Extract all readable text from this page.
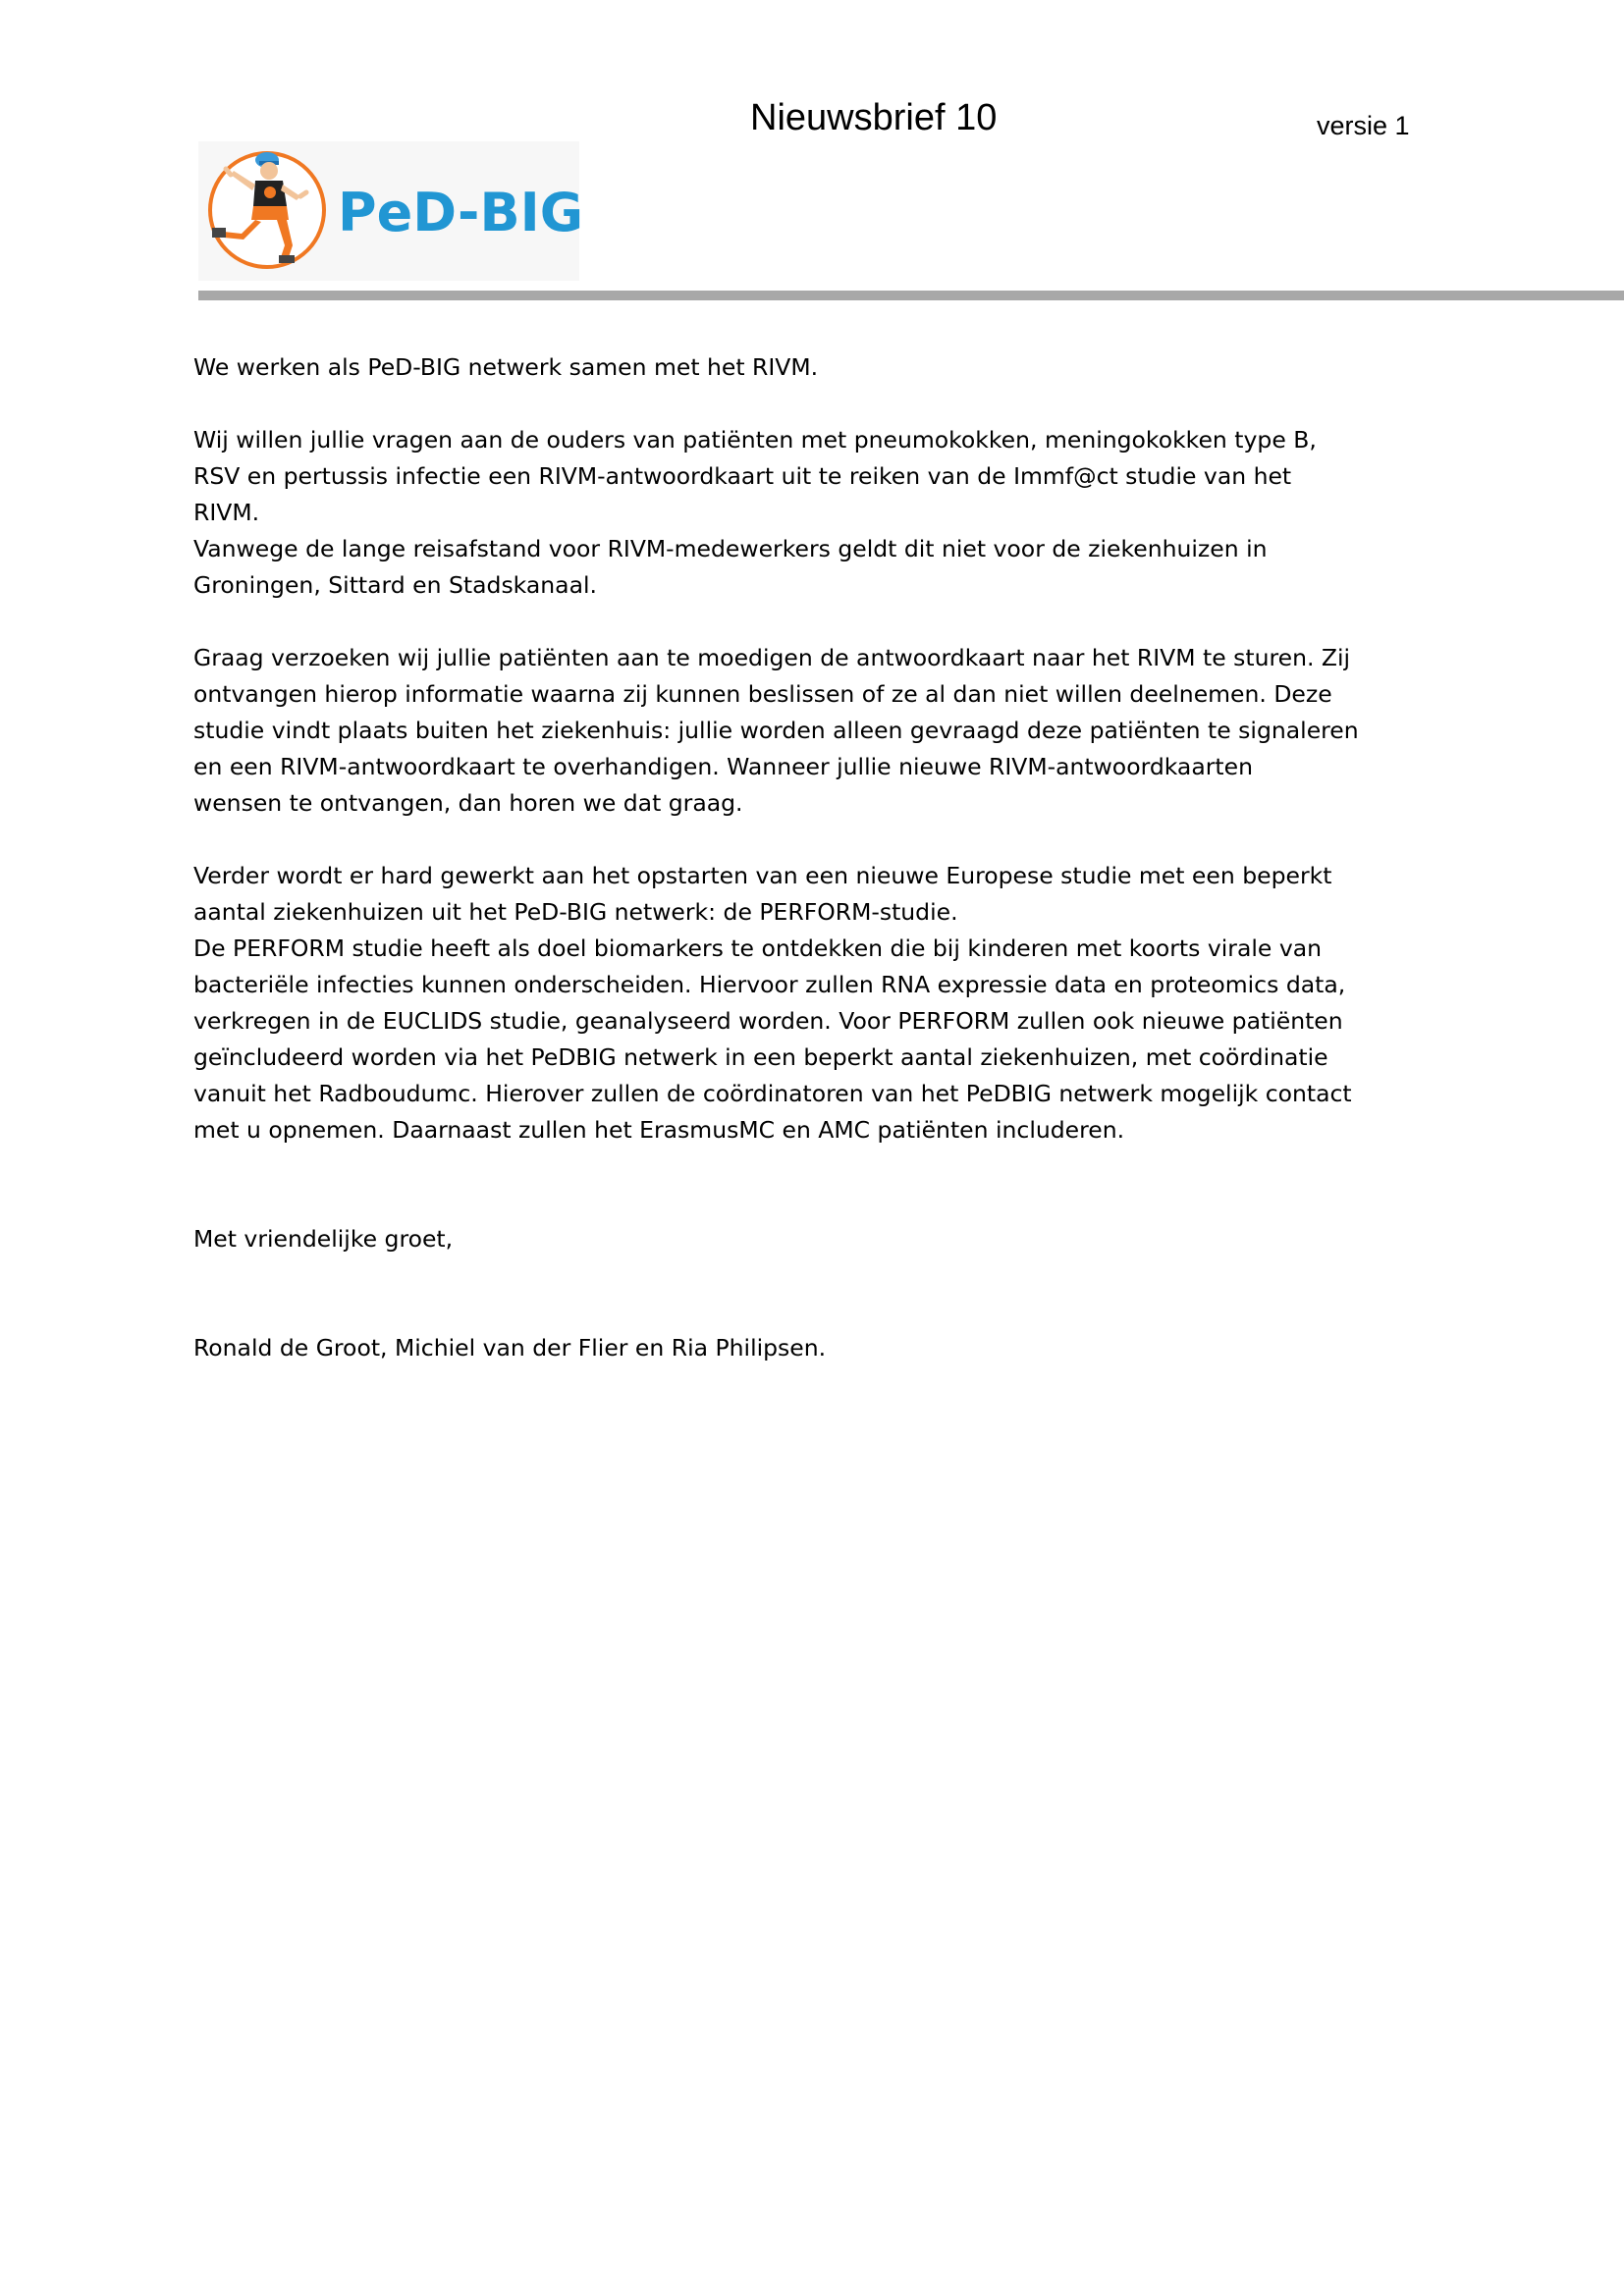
PeD-BIG
Nieuwsbrief 10	versie 1
We werken als PeD-BIG netwerk samen met het RIVM.
Wij willen jullie vragen aan de ouders van patiënten met pneumokokken, meningokokken type B,
RSV en pertussis infectie een RIVM-antwoordkaart uit te reiken van de Immf@ct studie van het
RIVM.
Vanwege de lange reisafstand voor RIVM-medewerkers geldt dit niet voor de ziekenhuizen in
Groningen, Sittard en Stadskanaal.
Graag verzoeken wij jullie patiënten aan te moedigen de antwoordkaart naar het RIVM te sturen. Zij
ontvangen hierop informatie waarna zij kunnen beslissen of ze al dan niet willen deelnemen. Deze
studie vindt plaats buiten het ziekenhuis: jullie worden alleen gevraagd deze patiënten te signaleren
en een RIVM-antwoordkaart te overhandigen. Wanneer jullie nieuwe RIVM-antwoordkaarten
wensen te ontvangen, dan horen we dat graag.
Verder wordt er hard gewerkt aan het opstarten van een nieuwe Europese studie met een beperkt
aantal ziekenhuizen uit het PeD-BIG netwerk: de PERFORM-studie.
De PERFORM studie heeft als doel biomarkers te ontdekken die bij kinderen met koorts virale van
bacteriële infecties kunnen onderscheiden. Hiervoor zullen RNA expressie data en proteomics data,
verkregen in de EUCLIDS studie, geanalyseerd worden. Voor PERFORM zullen ook nieuwe patiënten
geïncludeerd worden via het PeDBIG netwerk in een beperkt aantal ziekenhuizen, met coördinatie
vanuit het Radboudumc. Hierover zullen de coördinatoren van het PeDBIG netwerk mogelijk contact
met u opnemen. Daarnaast zullen het ErasmusMC en AMC patiënten includeren.
Met vriendelijke groet,
Ronald de Groot, Michiel van der Flier en Ria Philipsen.
